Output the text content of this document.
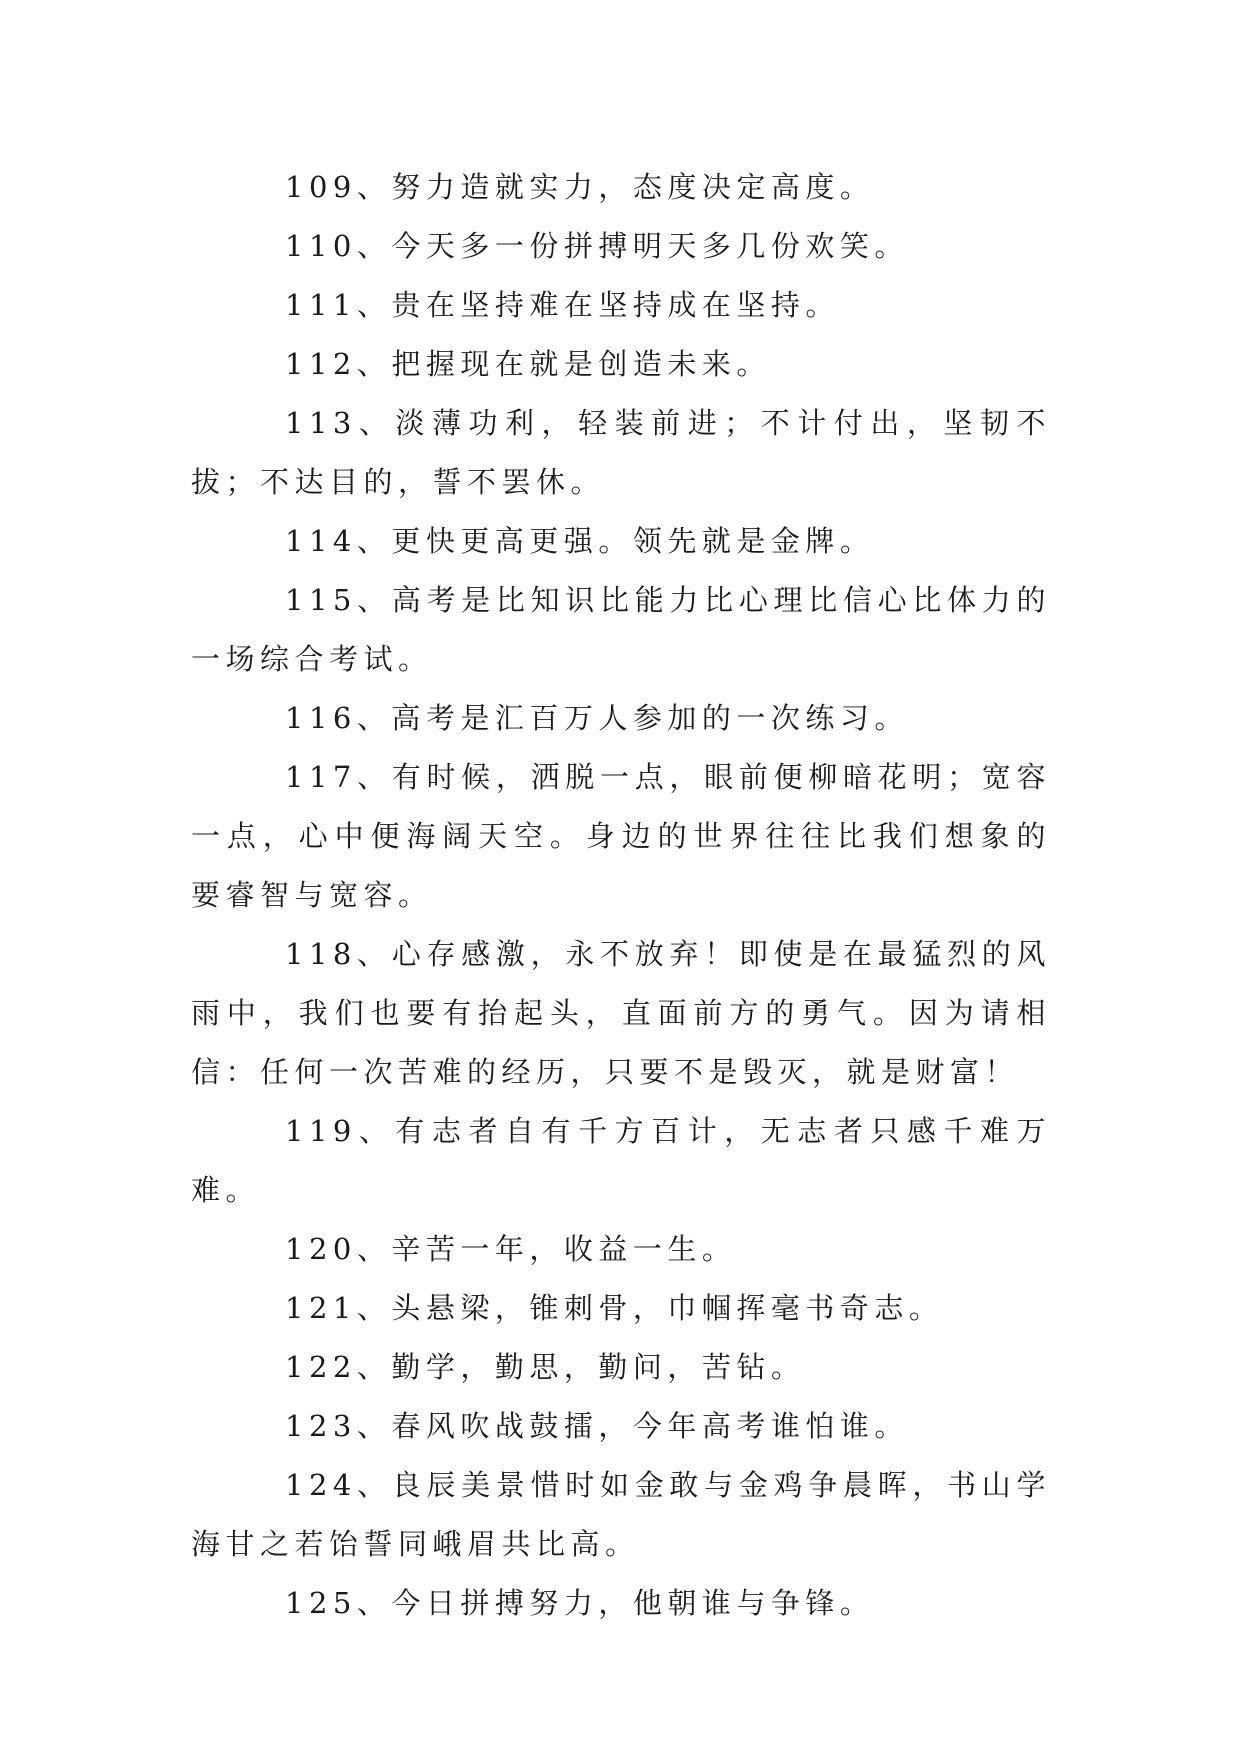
109、努力造就实力，态度决定高度。

110、今天多一份拼搏明天多几份欢笑。

111、贵在坚持难在坚持成在坚持。

112、把握现在就是创造未来。

113、淡薄功利，轻装前进；不计付出，坚韧不拔；不达目的，誓不罢休。

114、更快更高更强。领先就是金牌。

115、高考是比知识比能力比心理比信心比体力的一场综合考试。

116、高考是汇百万人参加的一次练习。

117、有时候，洒脱一点，眼前便柳暗花明；宽容一点，心中便海阔天空。身边的世界往往比我们想象的要睿智与宽容。

118、心存感激，永不放弃！即使是在最猛烈的风雨中，我们也要有抬起头，直面前方的勇气。因为请相信：任何一次苦难的经历，只要不是毁灭，就是财富！

119、有志者自有千方百计，无志者只感千难万难。

120、辛苦一年，收益一生。

121、头悬梁，锥刺骨，巾帼挥毫书奇志。

122、勤学，勤思，勤问，苦钻。

123、春风吹战鼓擂，今年高考谁怕谁。

124、良辰美景惜时如金敢与金鸡争晨晖，书山学海甘之若饴誓同峨眉共比高。

125、今日拼搏努力，他朝谁与争锋。
